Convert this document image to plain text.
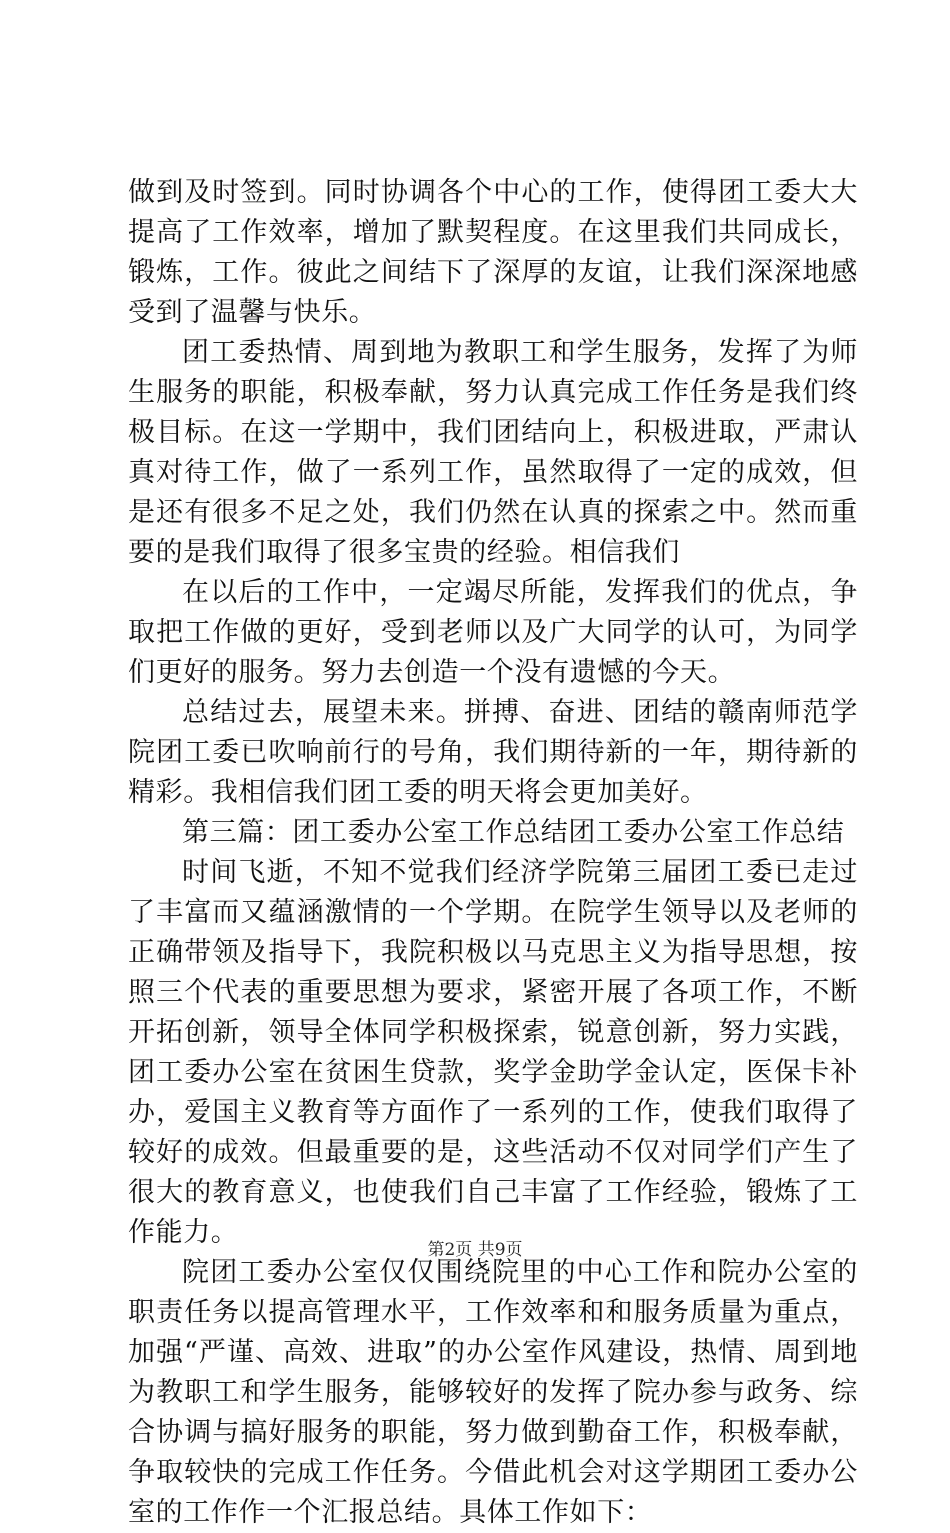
做到及时签到。同时协调各个中心的工作，使得团工委大大提高了工作效率，增加了默契程度。在这里我们共同成长，锻炼，工作。彼此之间结下了深厚的友谊，让我们深深地感受到了温馨与快乐。

团工委热情、周到地为教职工和学生服务，发挥了为师生服务的职能，积极奉献，努力认真完成工作任务是我们终极目标。在这一学期中，我们团结向上，积极进取，严肃认真对待工作，做了一系列工作，虽然取得了一定的成效，但是还有很多不足之处，我们仍然在认真的探索之中。然而重要的是我们取得了很多宝贵的经验。相信我们

在以后的工作中，一定竭尽所能，发挥我们的优点，争取把工作做的更好，受到老师以及广大同学的认可，为同学们更好的服务。努力去创造一个没有遗憾的今天。

总结过去，展望未来。拼搏、奋进、团结的赣南师范学院团工委已吹响前行的号角，我们期待新的一年，期待新的精彩。我相信我们团工委的明天将会更加美好。

第三篇：团工委办公室工作总结团工委办公室工作总结

时间飞逝，不知不觉我们经济学院第三届团工委已走过了丰富而又蕴涵激情的一个学期。在院学生领导以及老师的正确带领及指导下，我院积极以马克思主义为指导思想，按照三个代表的重要思想为要求，紧密开展了各项工作，不断开拓创新，领导全体同学积极探索，锐意创新，努力实践，团工委办公室在贫困生贷款，奖学金助学金认定，医保卡补办，爱国主义教育等方面作了一系列的工作，使我们取得了较好的成效。但最重要的是，这些活动不仅对同学们产生了很大的教育意义，也使我们自己丰富了工作经验，锻炼了工作能力。

院团工委办公室仅仅围绕院里的中心工作和院办公室的职责任务以提高管理水平，工作效率和和服务质量为重点，加强“严谨、高效、进取”的办公室作风建设，热情、周到地为教职工和学生服务，能够较好的发挥了院办参与政务、综合协调与搞好服务的职能，努力做到勤奋工作，积极奉献，争取较快的完成工作任务。今借此机会对这学期团工委办公室的工作作一个汇报总结。具体工作如下：

第2页 共9页
